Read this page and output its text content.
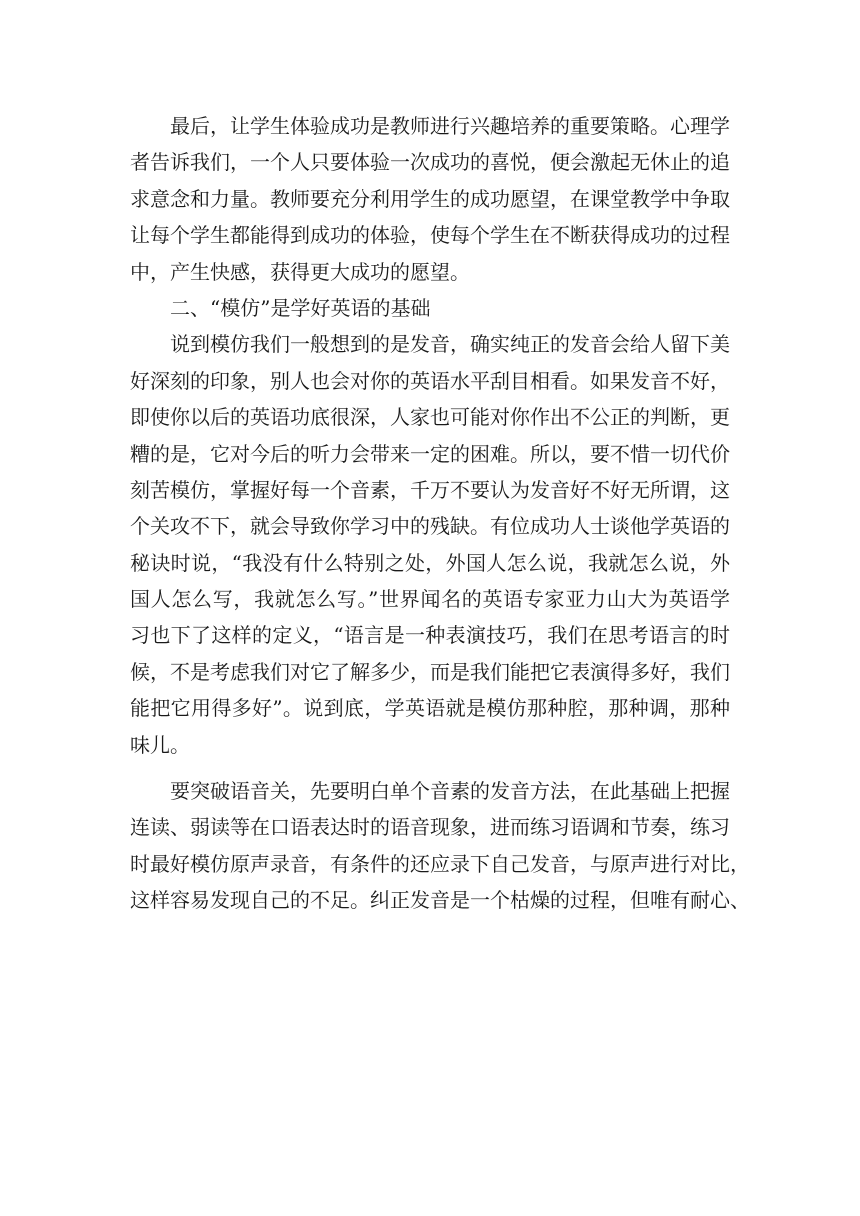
最后，让学生体验成功是教师进行兴趣培养的重要策略。心理学
者告诉我们，一个人只要体验一次成功的喜悦，便会激起无休止的追
求意念和力量。教师要充分利用学生的成功愿望，在课堂教学中争取
让每个学生都能得到成功的体验，使每个学生在不断获得成功的过程
中，产生快感，获得更大成功的愿望。
二、“模仿”是学好英语的基础
说到模仿我们一般想到的是发音，确实纯正的发音会给人留下美
好深刻的印象，别人也会对你的英语水平刮目相看。如果发音不好，
即使你以后的英语功底很深，人家也可能对你作出不公正的判断，更
糟的是，它对今后的听力会带来一定的困难。所以，要不惜一切代价
刻苦模仿，掌握好每一个音素，千万不要认为发音好不好无所谓，这
个关攻不下，就会导致你学习中的残缺。有位成功人士谈他学英语的
秘诀时说，“我没有什么特别之处，外国人怎么说，我就怎么说，外
国人怎么写，我就怎么写。”世界闻名的英语专家亚力山大为英语学
习也下了这样的定义，“语言是一种表演技巧，我们在思考语言的时
候，不是考虑我们对它了解多少，而是我们能把它表演得多好，我们
能把它用得多好”。说到底，学英语就是模仿那种腔，那种调，那种
味儿。
要突破语音关，先要明白单个音素的发音方法，在此基础上把握
连读、弱读等在口语表达时的语音现象，进而练习语调和节奏，练习
时最好模仿原声录音，有条件的还应录下自己发音，与原声进行对比，
这样容易发现自己的不足。纠正发音是一个枯燥的过程，但唯有耐心、
